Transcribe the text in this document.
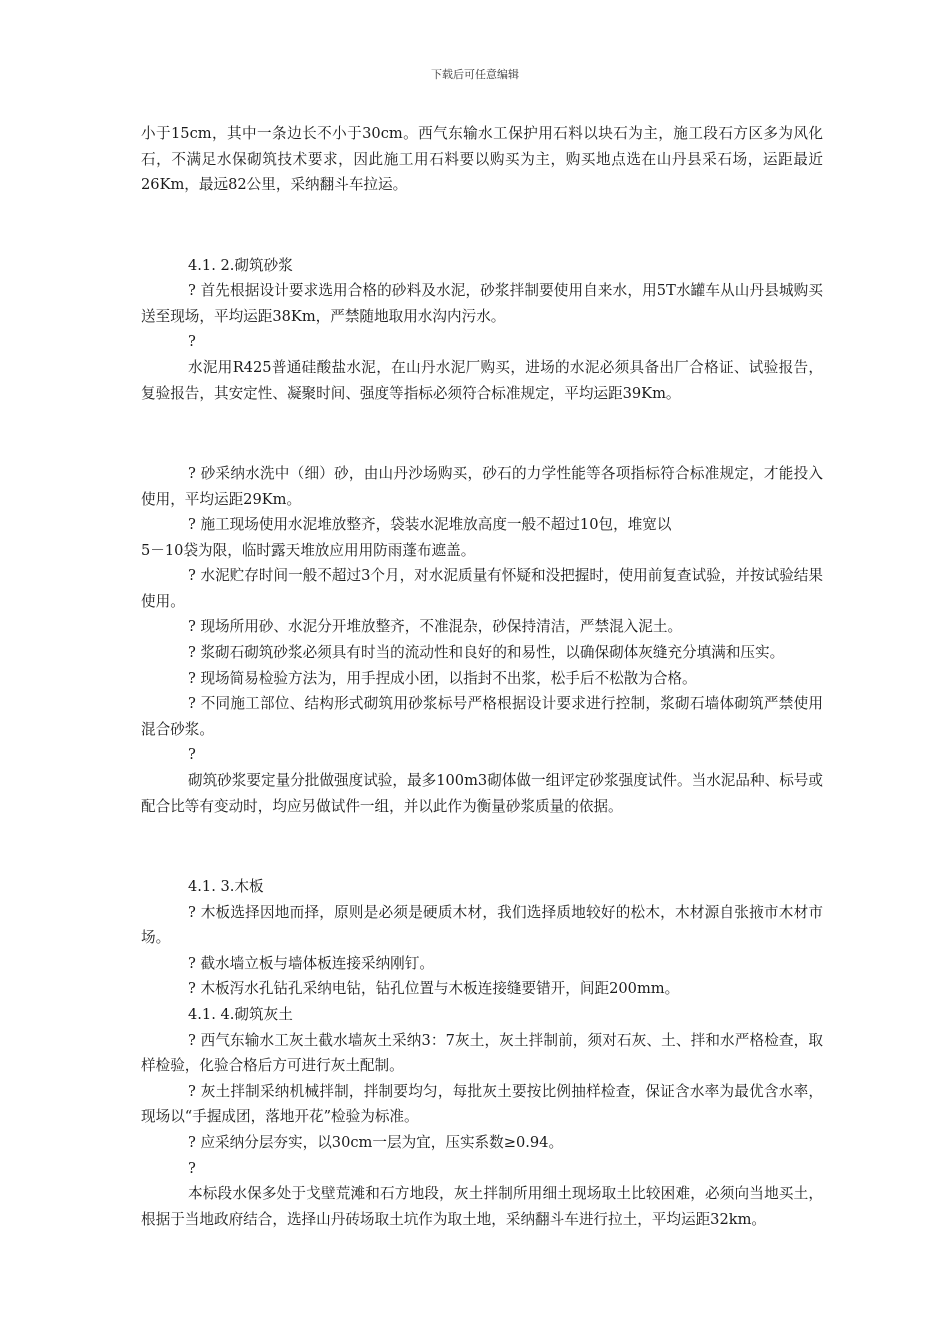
下载后可任意编辑

小于15cm，其中一条边长不小于30cm。西气东输水工保护用石料以块石为主，施工段石方区多为风化石，不满足水保砌筑技术要求，因此施工用石料要以购买为主，购买地点选在山丹县采石场，运距最近26Km，最远82公里，采纳翻斗车拉运。

4.1. 2.砌筑砂浆

? 首先根据设计要求选用合格的砂料及水泥，砂浆拌制要使用自来水，用5T水罐车从山丹县城购买送至现场，平均运距38Km，严禁随地取用水沟内污水。

?

水泥用R425普通硅酸盐水泥，在山丹水泥厂购买，进场的水泥必须具备出厂合格证、试验报告，复验报告，其安定性、凝聚时间、强度等指标必须符合标准规定，平均运距39Km。

? 砂采纳水洗中（细）砂，由山丹沙场购买，砂石的力学性能等各项指标符合标准规定，才能投入使用，平均运距29Km。

? 施工现场使用水泥堆放整齐，袋装水泥堆放高度一般不超过10包，堆宽以

5－10袋为限，临时露天堆放应用用防雨蓬布遮盖。

? 水泥贮存时间一般不超过3个月，对水泥质量有怀疑和没把握时，使用前复查试验，并按试验结果使用。

? 现场所用砂、水泥分开堆放整齐，不准混杂，砂保持清洁，严禁混入泥土。

? 浆砌石砌筑砂浆必须具有时当的流动性和良好的和易性，以确保砌体灰缝充分填满和压实。

? 现场简易检验方法为，用手捏成小团，以指封不出浆，松手后不松散为合格。

? 不同施工部位、结构形式砌筑用砂浆标号严格根据设计要求进行控制，浆砌石墙体砌筑严禁使用混合砂浆。

?

砌筑砂浆要定量分批做强度试验，最多100m3砌体做一组评定砂浆强度试件。当水泥品种、标号或配合比等有变动时，均应另做试件一组，并以此作为衡量砂浆质量的依据。

4.1. 3.木板

? 木板选择因地而择，原则是必须是硬质木材，我们选择质地较好的松木，木材源自张掖市木材市场。

? 截水墙立板与墙体板连接采纳刚钉。

? 木板泻水孔钻孔采纳电钻，钻孔位置与木板连接缝要错开，间距200mm。

4.1. 4.砌筑灰土

? 西气东输水工灰土截水墙灰土采纳3：7灰土，灰土拌制前，须对石灰、土、拌和水严格检查，取样检验，化验合格后方可进行灰土配制。

? 灰土拌制采纳机械拌制，拌制要均匀，每批灰土要按比例抽样检查，保证含水率为最优含水率，现场以“手握成团，落地开花”检验为标准。

? 应采纳分层夯实，以30cm一层为宜，压实系数≥0.94。

?

本标段水保多处于戈壁荒滩和石方地段，灰土拌制所用细土现场取土比较困难，必须向当地买土，根据于当地政府结合，选择山丹砖场取土坑作为取土地，采纳翻斗车进行拉土，平均运距32km。
